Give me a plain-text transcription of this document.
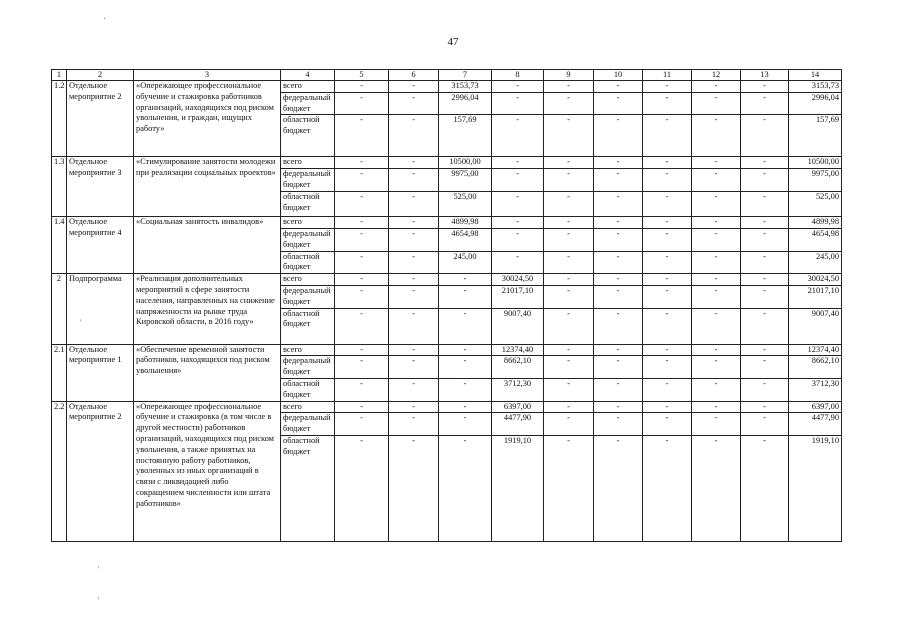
47
1	2	3	4	5	6	7	8	9	10	11	12	13	14
1.2	Отдельное мероприятие 2	«Опережающее профессиональное обучение и стажировка работников организаций, находящихся под риском увольнения, и граждан, ищущих работу»	всего	-	-	3153,73	-	-	-	-	-	-	3153,73
			федеральный бюджет	-	-	2996,04	-	-	-	-	-	-	2996,04
			областной бюджет	-	-	157,69	-	-	-	-	-	-	157,69
1.3	Отдельное мероприятие 3	«Стимулирование занятости молодежи при реализации социальных проектов»	всего	-	-	10500,00	-	-	-	-	-	-	10500,00
			федеральный бюджет	-	-	9975,00	-	-	-	-	-	-	9975,00
			областной бюджет	-	-	525,00	-	-	-	-	-	-	525,00
1.4	Отдельное мероприятие 4	«Социальная занятость инвалидов»	всего	-	-	4899,98	-	-	-	-	-	-	4899,98
			федеральный бюджет	-	-	4654,98	-	-	-	-	-	-	4654,98
			областной бюджет	-	-	245,00	-	-	-	-	-	-	245,00
2	Подпрограмма	«Реализация дополнительных мероприятий в сфере занятости населения, направленных на снижение напряженности на рынке труда Кировской области, в 2016 году»	всего	-	-	-	30024,50	-	-	-	-	-	30024,50
			федеральный бюджет	-	-	-	21017,10	-	-	-	-	-	21017,10
			областной бюджет	-	-	-	9007,40	-	-	-	-	-	9007,40
2.1	Отдельное мероприятие 1	«Обеспечение временной занятости работников, находящихся под риском увольнения»	всего	-	-	-	12374,40	-	-	-	-	-	12374,40
			федеральный бюджет	-	-	-	8662,10	-	-	-	-	-	8662,10
			областной бюджет	-	-	-	3712,30	-	-	-	-	-	3712,30
2.2	Отдельное мероприятие 2	«Опережающее профессиональное обучение и стажировка (в том числе в другой местности) работников организаций, находящихся под риском увольнения, а также принятых на постоянную работу работников, уволенных из иных организаций в связи с ликвидацией либо сокращением численности или штата работников»	всего	-	-	-	6397,00	-	-	-	-	-	6397,00
			федеральный бюджет	-	-	-	4477,90	-	-	-	-	-	4477,90
			областной бюджет	-	-	-	1919,10	-	-	-	-	-	1919,10
'
'
'
'
